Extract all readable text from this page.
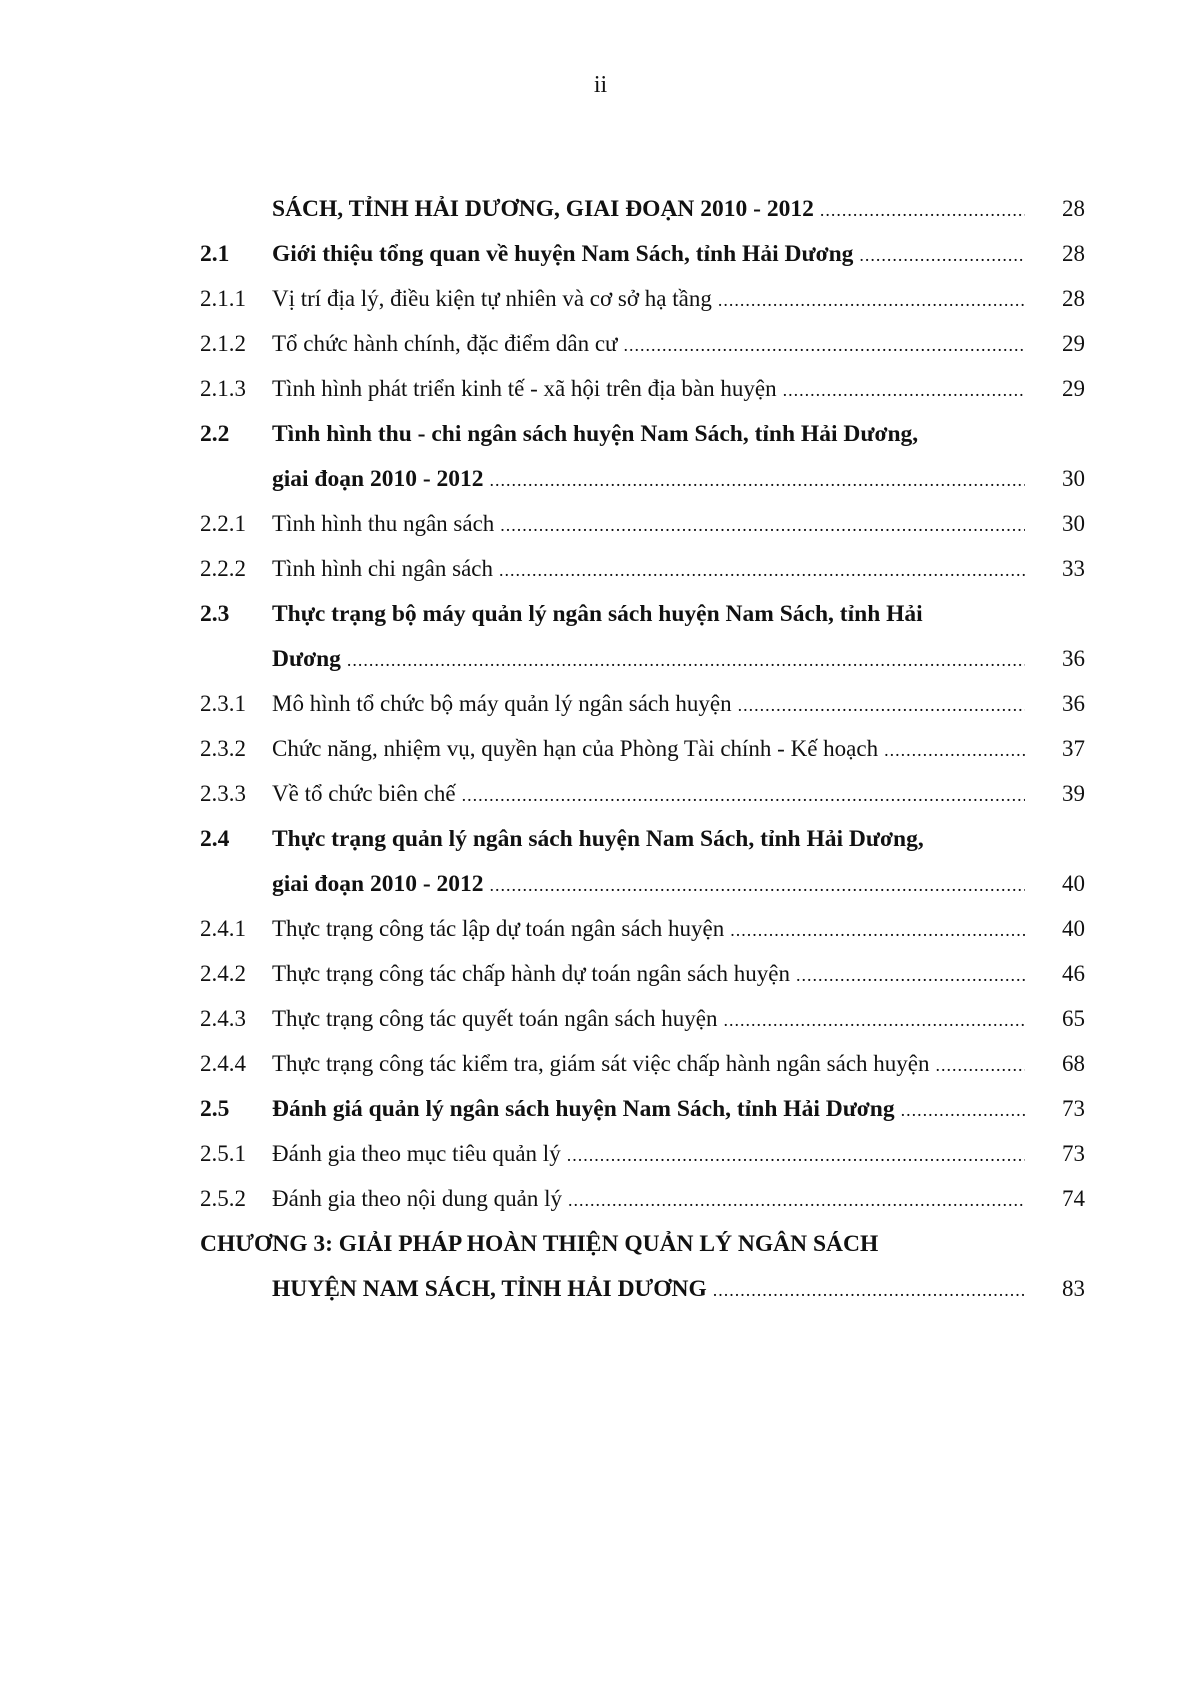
ii
SÁCH, TỈNH HẢI DƯƠNG, GIAI ĐOẠN 2010 - 2012 .....	28
2.1	Giới thiệu tổng quan về huyện Nam Sách, tỉnh Hải Dương .....	28
2.1.1	Vị trí địa lý, điều kiện tự nhiên và cơ sở hạ tầng .....	28
2.1.2	Tổ chức hành chính, đặc điểm dân cư .....	29
2.1.3	Tình hình phát triển kinh tế - xã hội trên địa bàn huyện .....	29
2.2	Tình hình thu - chi ngân sách huyện Nam Sách, tỉnh Hải Dương,
giai đoạn 2010 - 2012 .....	30
2.2.1	Tình hình thu ngân sách .....	30
2.2.2	Tình hình chi ngân sách .....	33
2.3	Thực trạng bộ máy quản lý ngân sách huyện Nam Sách, tỉnh Hải
Dương .....	36
2.3.1	Mô hình tổ chức bộ máy quản lý ngân sách huyện .....	36
2.3.2	Chức năng, nhiệm vụ, quyền hạn của Phòng Tài chính - Kế hoạch .....	37
2.3.3	Về tổ chức biên chế .....	39
2.4	Thực trạng quản lý ngân sách huyện Nam Sách, tỉnh Hải Dương,
giai đoạn 2010 - 2012 .....	40
2.4.1	Thực trạng công tác lập dự toán ngân sách huyện .....	40
2.4.2	Thực trạng công tác chấp hành dự toán ngân sách huyện .....	46
2.4.3	Thực trạng công tác quyết toán ngân sách huyện .....	65
2.4.4	Thực trạng công tác kiểm tra, giám sát việc chấp hành ngân sách huyện .....	68
2.5	Đánh giá quản lý ngân sách huyện Nam Sách, tỉnh Hải Dương .....	73
2.5.1	Đánh gia theo mục tiêu quản lý .....	73
2.5.2	Đánh gia theo nội dung quản lý .....	74
CHƯƠNG 3: GIẢI PHÁP HOÀN THIỆN QUẢN LÝ NGÂN SÁCH
HUYỆN NAM SÁCH, TỈNH HẢI DƯƠNG .....	83
